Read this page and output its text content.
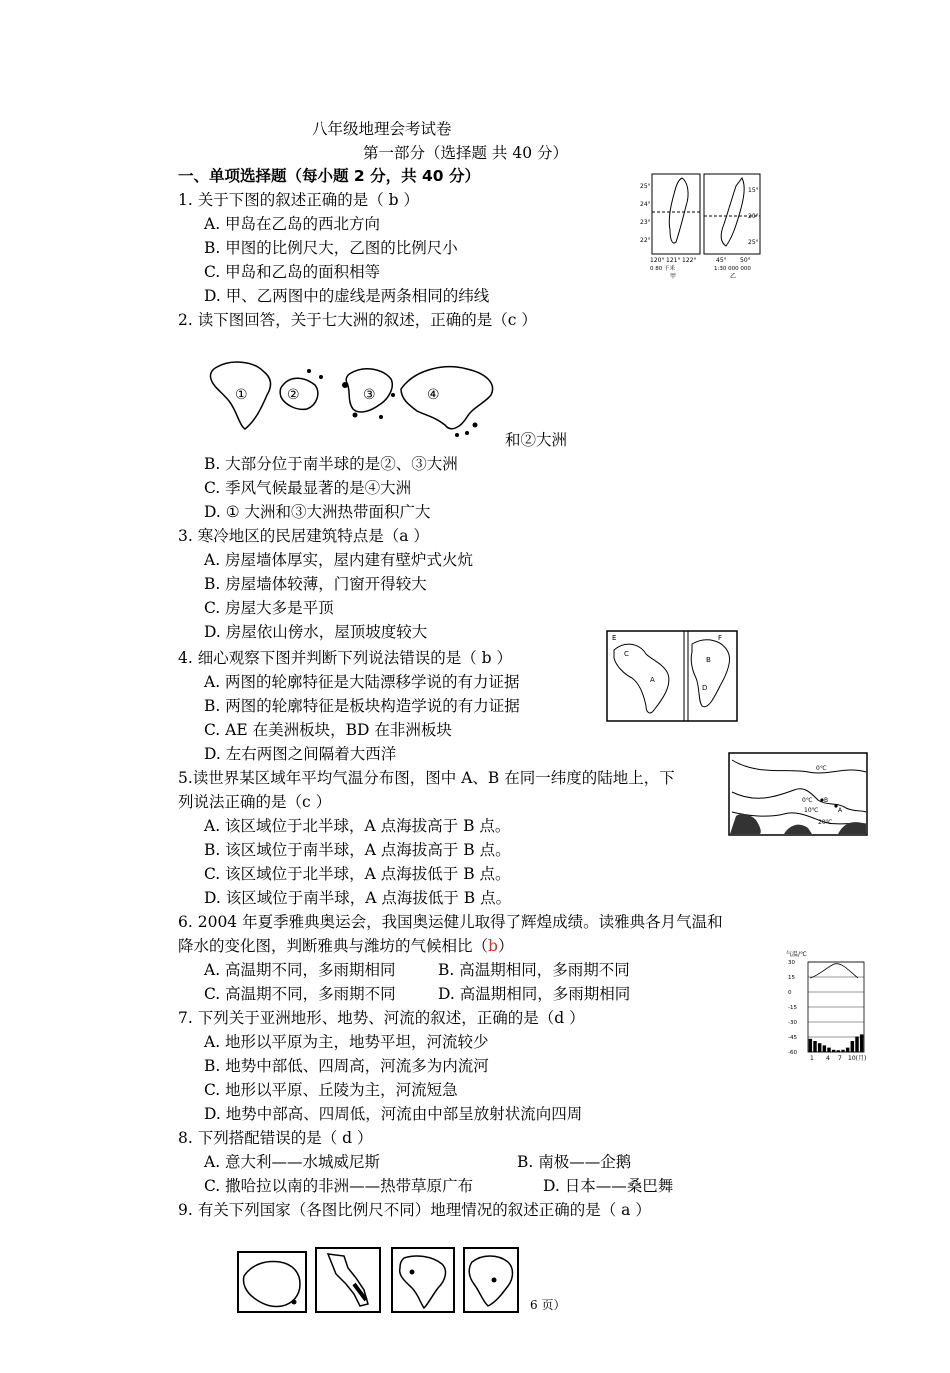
八年级地理会考试卷
第一部分（选择题 共 40 分）
一、单项选择题（每小题 2 分，共 40 分）
1. 关于下图的叙述正确的是（ b ）
A. 甲岛在乙岛的西北方向
B. 甲图的比例尺大，乙图的比例尺小
C. 甲岛和乙岛的面积相等
D. 甲、乙两图中的虚线是两条相同的纬线
25°
24°
23°
22°
120° 121° 122°
15°
20°
25°
45° 50°
0 80 千米	1:30 000 000
甲	乙
2. 读下图回答，关于七大洲的叙述，正确的是（c ）
①	②	③	④
和②大洲
B. 大部分位于南半球的是②、③大洲
C. 季风气候最显著的是④大洲
D. ① 大洲和③大洲热带面积广大
3. 寒冷地区的民居建筑特点是（a ）
A. 房屋墙体厚实，屋内建有壁炉式火炕
B. 房屋墙体较薄，门窗开得较大
C. 房屋大多是平顶
D. 房屋依山傍水，屋顶坡度较大	E
C
A
F
B
D
4. 细心观察下图并判断下列说法错误的是（ b ）
A. 两图的轮廓特征是大陆漂移学说的有力证据
B. 两图的轮廓特征是板块构造学说的有力证据
C. AE 在美洲板块，BD 在非洲板块
D. 左右两图之间隔着大西洋
0℃
0℃ B
10℃	A
20℃
5.读世界某区域年平均气温分布图，图中 A、B 在同一纬度的陆地上，下
列说法正确的是（c ）
A. 该区域位于北半球，A 点海拔高于 B 点。
B. 该区域位于南半球，A 点海拔高于 B 点。
C. 该区域位于北半球，A 点海拔低于 B 点。
D. 该区域位于南半球，A 点海拔低于 B 点。
6. 2004 年夏季雅典奥运会，我国奥运健儿取得了辉煌成绩。读雅典各月气温和
降水的变化图，判断雅典与潍坊的气候相比（b）
A. 高温期不同，多雨期相同	B. 高温期相同，多雨期不同
C. 高温期不同，多雨期不同	D. 高温期相同，多雨期相同
气温/℃
30
15
0
-15
-30
-45
-60
1 4 7 10(月)
7. 下列关于亚洲地形、地势、河流的叙述，正确的是（d ）
A. 地形以平原为主，地势平坦，河流较少
B. 地势中部低、四周高，河流多为内流河
C. 地形以平原、丘陵为主，河流短急
D. 地势中部高、四周低，河流由中部呈放射状流向四周
8. 下列搭配错误的是（ d ）
A. 意大利——水城威尼斯	B. 南极——企鹅
C. 撒哈拉以南的非洲——热带草原广布	D. 日本——桑巴舞
9. 有关下列国家（各图比例尺不同）地理情况的叙述正确的是（ a ）
6 页）
